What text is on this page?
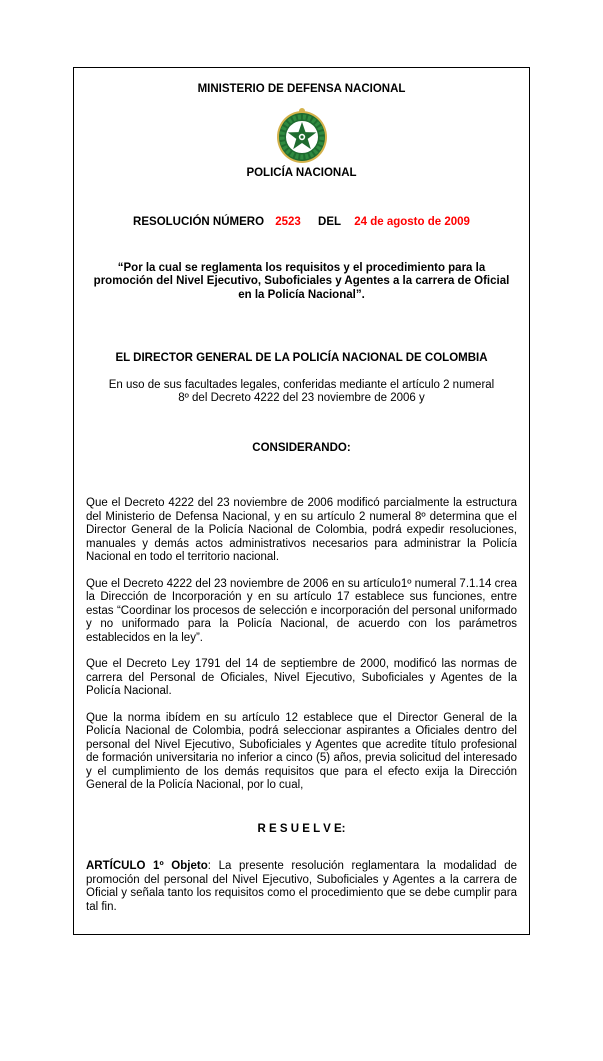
MINISTERIO DE DEFENSA NACIONAL
POLICÍA NACIONAL
RESOLUCIÓN NÚMERO 2523 DEL 24 de agosto de 2009

“Por la cual se reglamenta los requisitos y el procedimiento para la promoción del Nivel Ejecutivo, Suboficiales y Agentes a la carrera de Oficial en la Policía Nacional”.

EL DIRECTOR GENERAL DE LA POLICÍA NACIONAL DE COLOMBIA

En uso de sus facultades legales, conferidas mediante el artículo 2 numeral 8º del Decreto 4222 del 23 noviembre de 2006 y

CONSIDERANDO:

Que el Decreto 4222 del 23 noviembre de 2006 modificó parcialmente la estructura del Ministerio de Defensa Nacional, y en su artículo 2 numeral 8º determina que el Director General de la Policía Nacional de Colombia, podrá expedir resoluciones, manuales y demás actos administrativos necesarios para administrar la Policía Nacional en todo el territorio nacional.

Que el Decreto 4222 del 23 noviembre de 2006 en su artículo1º numeral 7.1.14 crea la Dirección de Incorporación y en su artículo 17 establece sus funciones, entre estas “Coordinar los procesos de selección e incorporación del personal uniformado y no uniformado para la Policía Nacional, de acuerdo con los parámetros establecidos en la ley”.

Que el Decreto Ley 1791 del 14 de septiembre de 2000, modificó las normas de carrera del Personal de Oficiales, Nivel Ejecutivo, Suboficiales y Agentes de la Policía Nacional.

Que la norma ibídem en su artículo 12 establece que el Director General de la Policía Nacional de Colombia, podrá seleccionar aspirantes a Oficiales dentro del personal del Nivel Ejecutivo, Suboficiales y Agentes que acredite título profesional de formación universitaria no inferior a cinco (5) años, previa solicitud del interesado y el cumplimiento de los demás requisitos que para el efecto exija la Dirección General de la Policía Nacional, por lo cual,

R E S U E L V E:

ARTÍCULO 1º Objeto: La presente resolución reglamentara la modalidad de promoción del personal del Nivel Ejecutivo, Suboficiales y Agentes a la carrera de Oficial y señala tanto los requisitos como el procedimiento que se debe cumplir para tal fin.
